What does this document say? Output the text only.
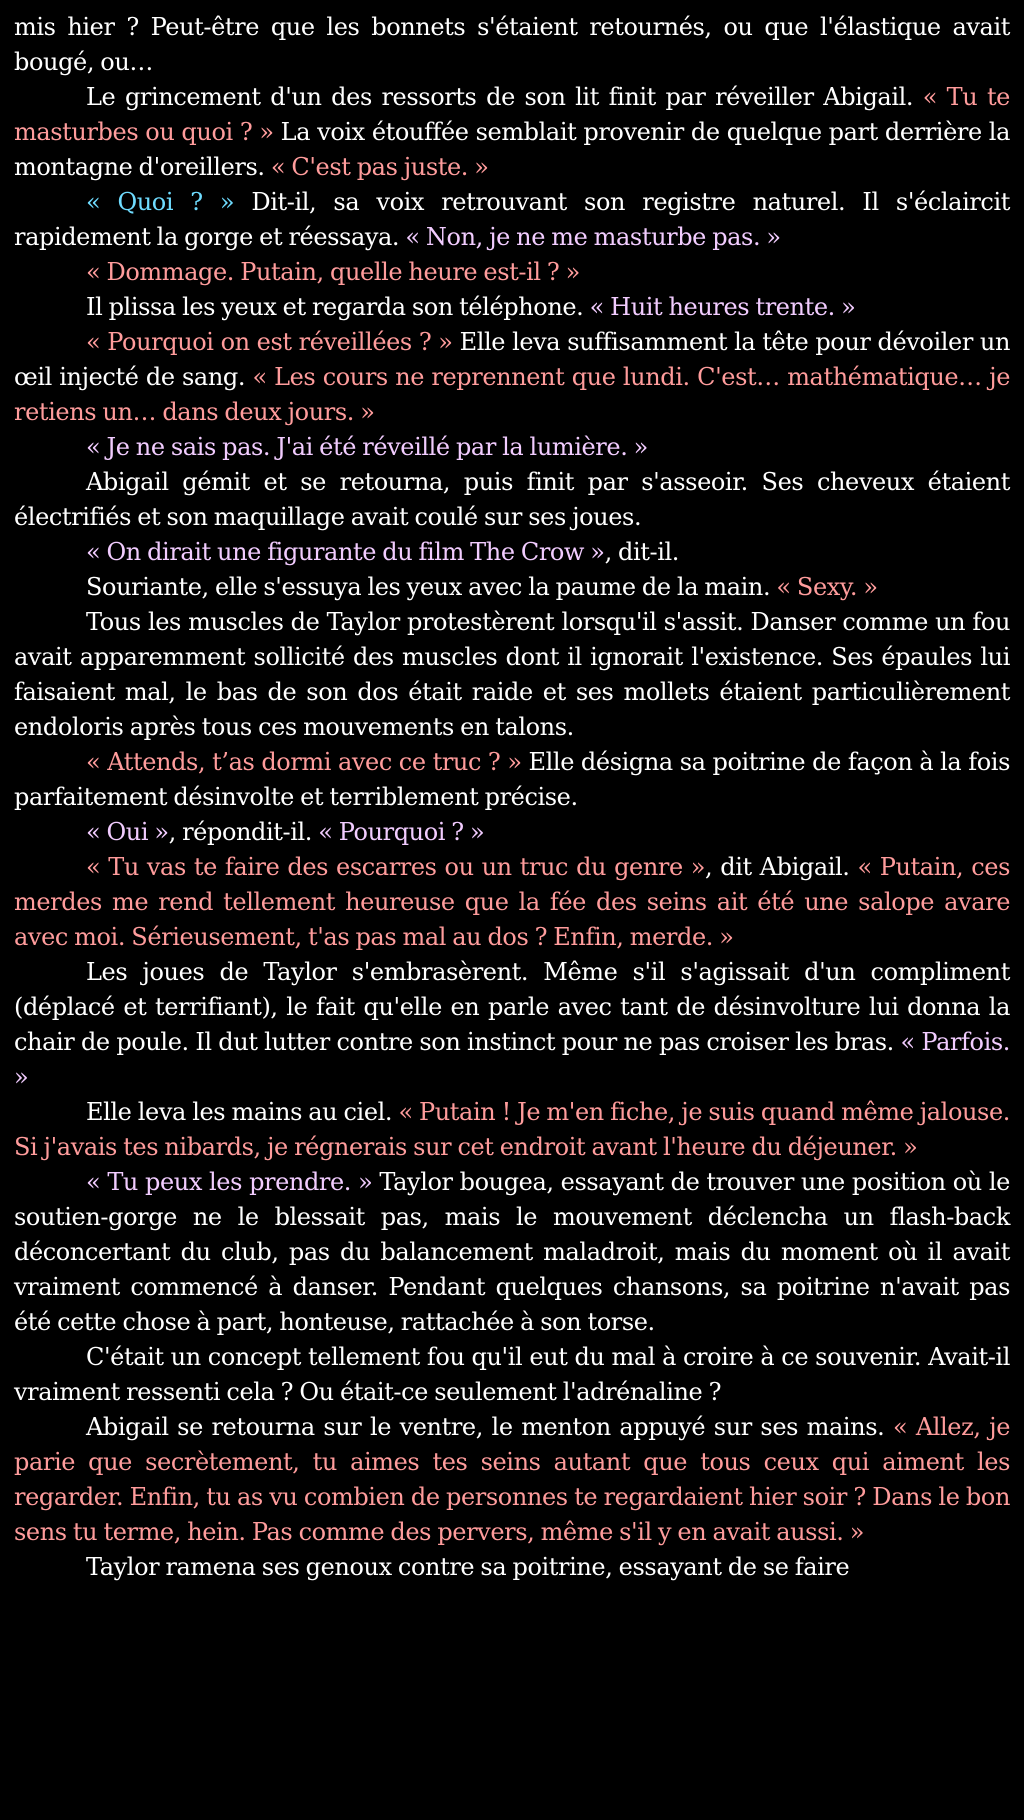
mis hier ? Peut-être que les bonnets s'étaient retournés, ou que l'élastique avait bougé, ou…

Le grincement d'un des ressorts de son lit finit par réveiller Abigail. « Tu te masturbes ou quoi ? » La voix étouffée semblait provenir de quelque part derrière la montagne d'oreillers. « C'est pas juste. »

« Quoi ? » Dit-il, sa voix retrouvant son registre naturel. Il s'éclaircit rapidement la gorge et réessaya. « Non, je ne me masturbe pas. »

« Dommage. Putain, quelle heure est-il ? »

Il plissa les yeux et regarda son téléphone. « Huit heures trente. »

« Pourquoi on est réveillées ? » Elle leva suffisamment la tête pour dévoiler un œil injecté de sang. « Les cours ne reprennent que lundi. C'est… mathématique… je retiens un… dans deux jours. »

« Je ne sais pas. J'ai été réveillé par la lumière. »

Abigail gémit et se retourna, puis finit par s'asseoir. Ses cheveux étaient électrifiés et son maquillage avait coulé sur ses joues.

« On dirait une figurante du film The Crow », dit-il.

Souriante, elle s'essuya les yeux avec la paume de la main. « Sexy. »

Tous les muscles de Taylor protestèrent lorsqu'il s'assit. Danser comme un fou avait apparemment sollicité des muscles dont il ignorait l'existence. Ses épaules lui faisaient mal, le bas de son dos était raide et ses mollets étaient particulièrement endoloris après tous ces mouvements en talons.

« Attends, t’as dormi avec ce truc ? » Elle désigna sa poitrine de façon à la fois parfaitement désinvolte et terriblement précise.

« Oui », répondit-il. « Pourquoi ? »

« Tu vas te faire des escarres ou un truc du genre », dit Abigail. « Putain, ces merdes me rend tellement heureuse que la fée des seins ait été une salope avare avec moi. Sérieusement, t'as pas mal au dos ? Enfin, merde. »

Les joues de Taylor s'embrasèrent. Même s'il s'agissait d'un compliment (déplacé et terrifiant), le fait qu'elle en parle avec tant de désinvolture lui donna la chair de poule. Il dut lutter contre son instinct pour ne pas croiser les bras. « Parfois. »

Elle leva les mains au ciel. « Putain ! Je m'en fiche, je suis quand même jalouse. Si j'avais tes nibards, je régnerais sur cet endroit avant l'heure du déjeuner. »

« Tu peux les prendre. » Taylor bougea, essayant de trouver une position où le soutien-gorge ne le blessait pas, mais le mouvement déclencha un flash-back déconcertant du club, pas du balancement maladroit, mais du moment où il avait vraiment commencé à danser. Pendant quelques chansons, sa poitrine n'avait pas été cette chose à part, honteuse, rattachée à son torse.

C'était un concept tellement fou qu'il eut du mal à croire à ce souvenir. Avait-il vraiment ressenti cela ? Ou était-ce seulement l'adrénaline ?

Abigail se retourna sur le ventre, le menton appuyé sur ses mains. « Allez, je parie que secrètement, tu aimes tes seins autant que tous ceux qui aiment les regarder. Enfin, tu as vu combien de personnes te regardaient hier soir ? Dans le bon sens tu terme, hein. Pas comme des pervers, même s'il y en avait aussi. »

Taylor ramena ses genoux contre sa poitrine, essayant de se faire
